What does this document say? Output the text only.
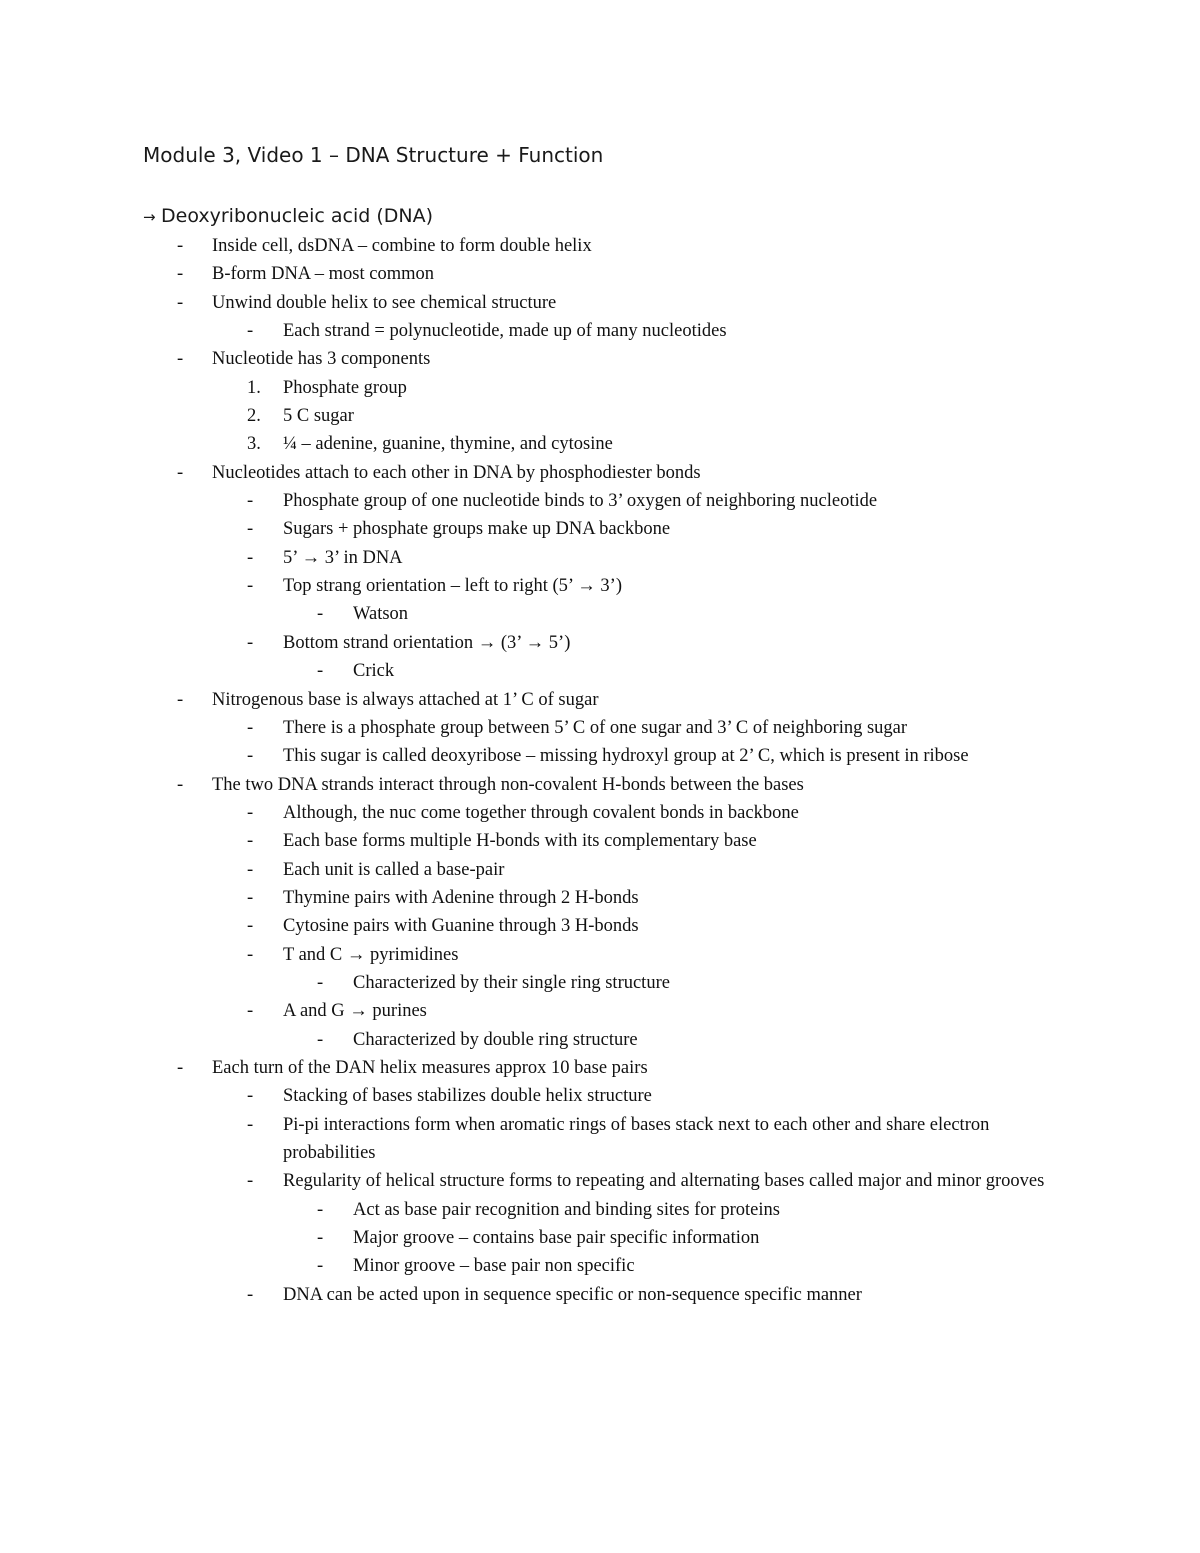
Module 3, Video 1 – DNA Structure + Function
→ Deoxyribonucleic acid (DNA)
- Inside cell, dsDNA – combine to form double helix
- B-form DNA – most common
- Unwind double helix to see chemical structure
- Each strand = polynucleotide, made up of many nucleotides
- Nucleotide has 3 components
1. Phosphate group
2. 5 C sugar
3. ¼ – adenine, guanine, thymine, and cytosine
- Nucleotides attach to each other in DNA by phosphodiester bonds
- Phosphate group of one nucleotide binds to 3’ oxygen of neighboring nucleotide
- Sugars + phosphate groups make up DNA backbone
- 5’ → 3’ in DNA
- Top strang orientation – left to right (5’ → 3’)
- Watson
- Bottom strand orientation → (3’ → 5’)
- Crick
- Nitrogenous base is always attached at 1’ C of sugar
- There is a phosphate group between 5’ C of one sugar and 3’ C of neighboring sugar
- This sugar is called deoxyribose – missing hydroxyl group at 2’ C, which is present in ribose
- The two DNA strands interact through non-covalent H-bonds between the bases
- Although, the nuc come together through covalent bonds in backbone
- Each base forms multiple H-bonds with its complementary base
- Each unit is called a base-pair
- Thymine pairs with Adenine through 2 H-bonds
- Cytosine pairs with Guanine through 3 H-bonds
- T and C → pyrimidines
- Characterized by their single ring structure
- A and G → purines
- Characterized by double ring structure
- Each turn of the DAN helix measures approx 10 base pairs
- Stacking of bases stabilizes double helix structure
- Pi-pi interactions form when aromatic rings of bases stack next to each other and share electron probabilities
- Regularity of helical structure forms to repeating and alternating bases called major and minor grooves
- Act as base pair recognition and binding sites for proteins
- Major groove – contains base pair specific information
- Minor groove – base pair non specific
- DNA can be acted upon in sequence specific or non-sequence specific manner
